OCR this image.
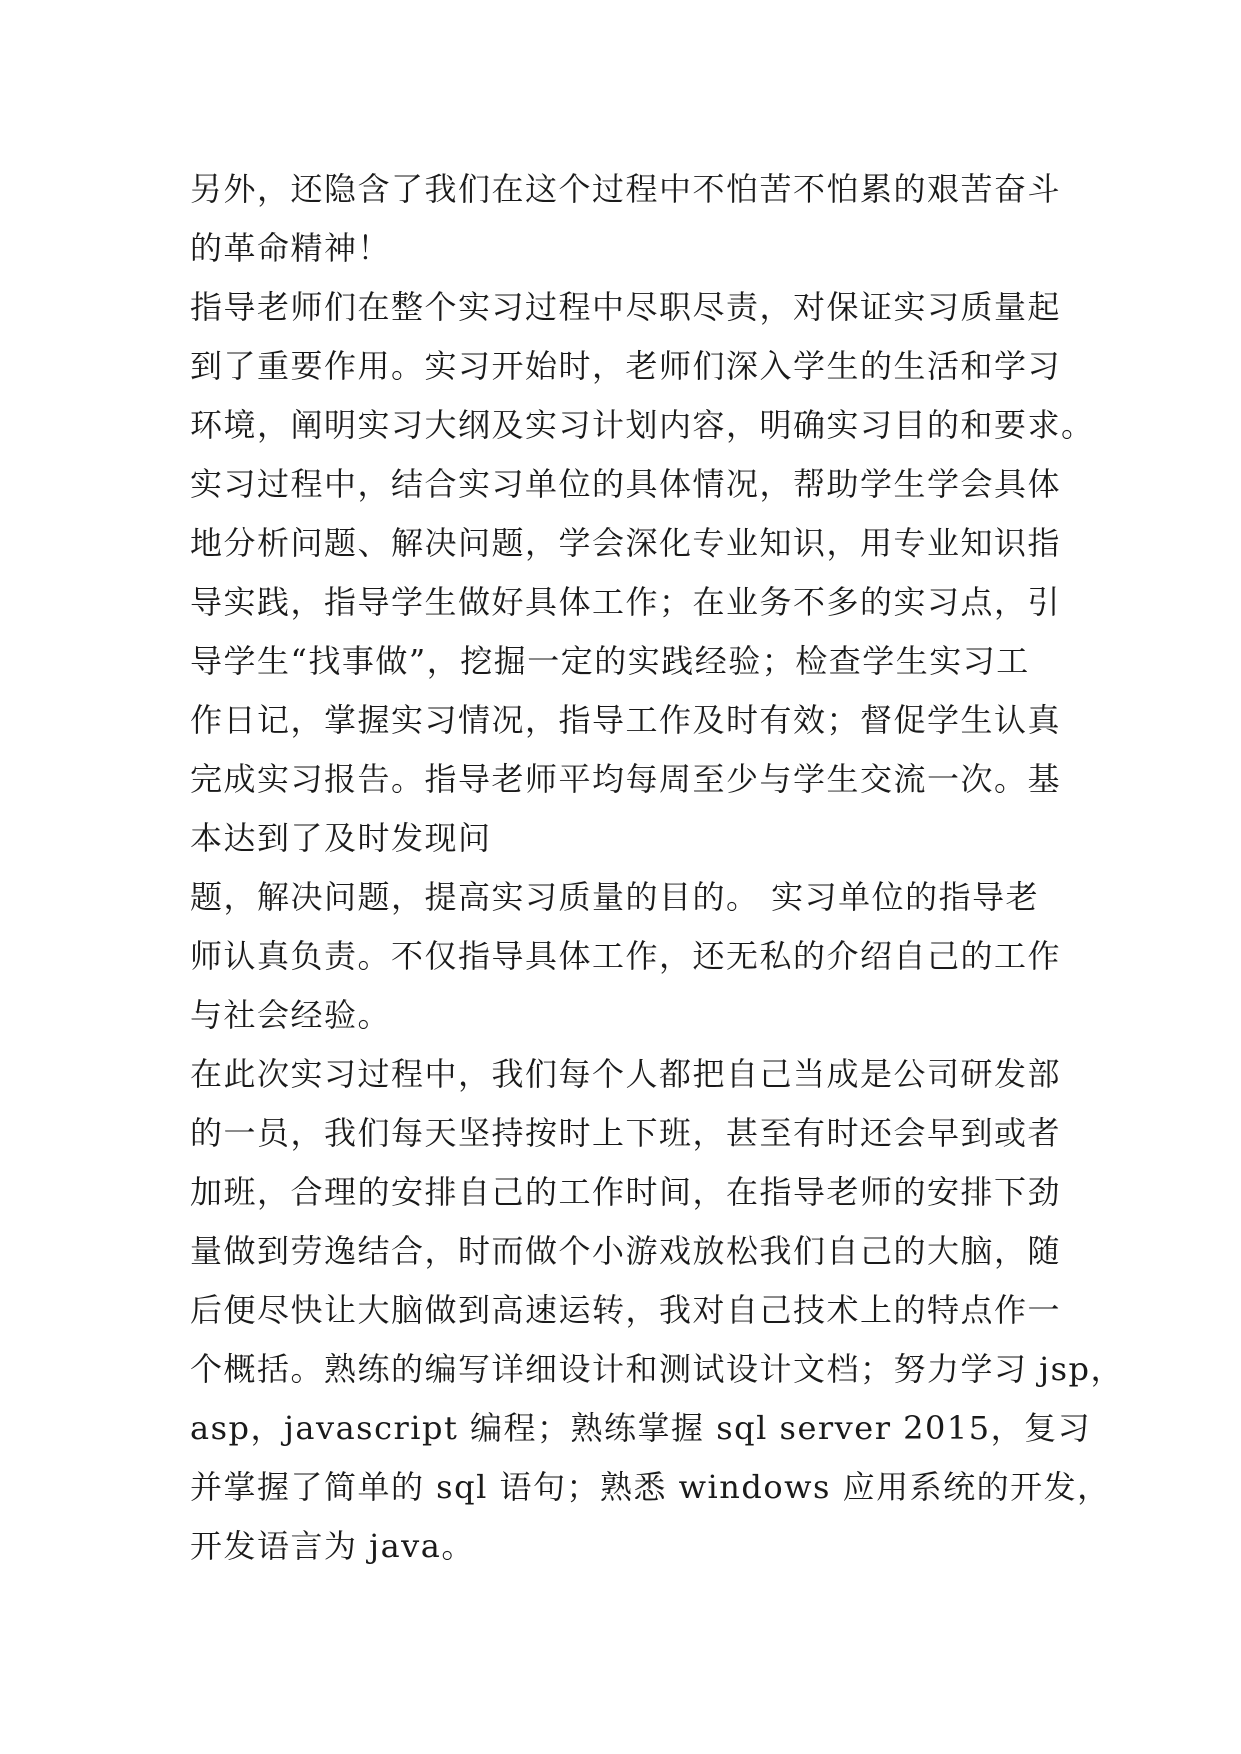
另外，还隐含了我们在这个过程中不怕苦不怕累的艰苦奋斗
的革命精神！
指导老师们在整个实习过程中尽职尽责，对保证实习质量起
到了重要作用。实习开始时，老师们深入学生的生活和学习
环境，阐明实习大纲及实习计划内容，明确实习目的和要求。
实习过程中，结合实习单位的具体情况，帮助学生学会具体
地分析问题、解决问题，学会深化专业知识，用专业知识指
导实践，指导学生做好具体工作；在业务不多的实习点，引
导学生“找事做”，挖掘一定的实践经验；检查学生实习工
作日记，掌握实习情况，指导工作及时有效；督促学生认真
完成实习报告。指导老师平均每周至少与学生交流一次。基
本达到了及时发现问
题，解决问题，提高实习质量的目的。 实习单位的指导老
师认真负责。不仅指导具体工作，还无私的介绍自己的工作
与社会经验。
在此次实习过程中，我们每个人都把自己当成是公司研发部
的一员，我们每天坚持按时上下班，甚至有时还会早到或者
加班，合理的安排自己的工作时间，在指导老师的安排下劲
量做到劳逸结合，时而做个小游戏放松我们自己的大脑，随
后便尽快让大脑做到高速运转，我对自己技术上的特点作一
个概括。熟练的编写详细设计和测试设计文档；努力学习 jsp，
asp，javascript 编程；熟练掌握 sql server 2015，复习
并掌握了简单的 sql 语句；熟悉 windows 应用系统的开发，
开发语言为 java。
